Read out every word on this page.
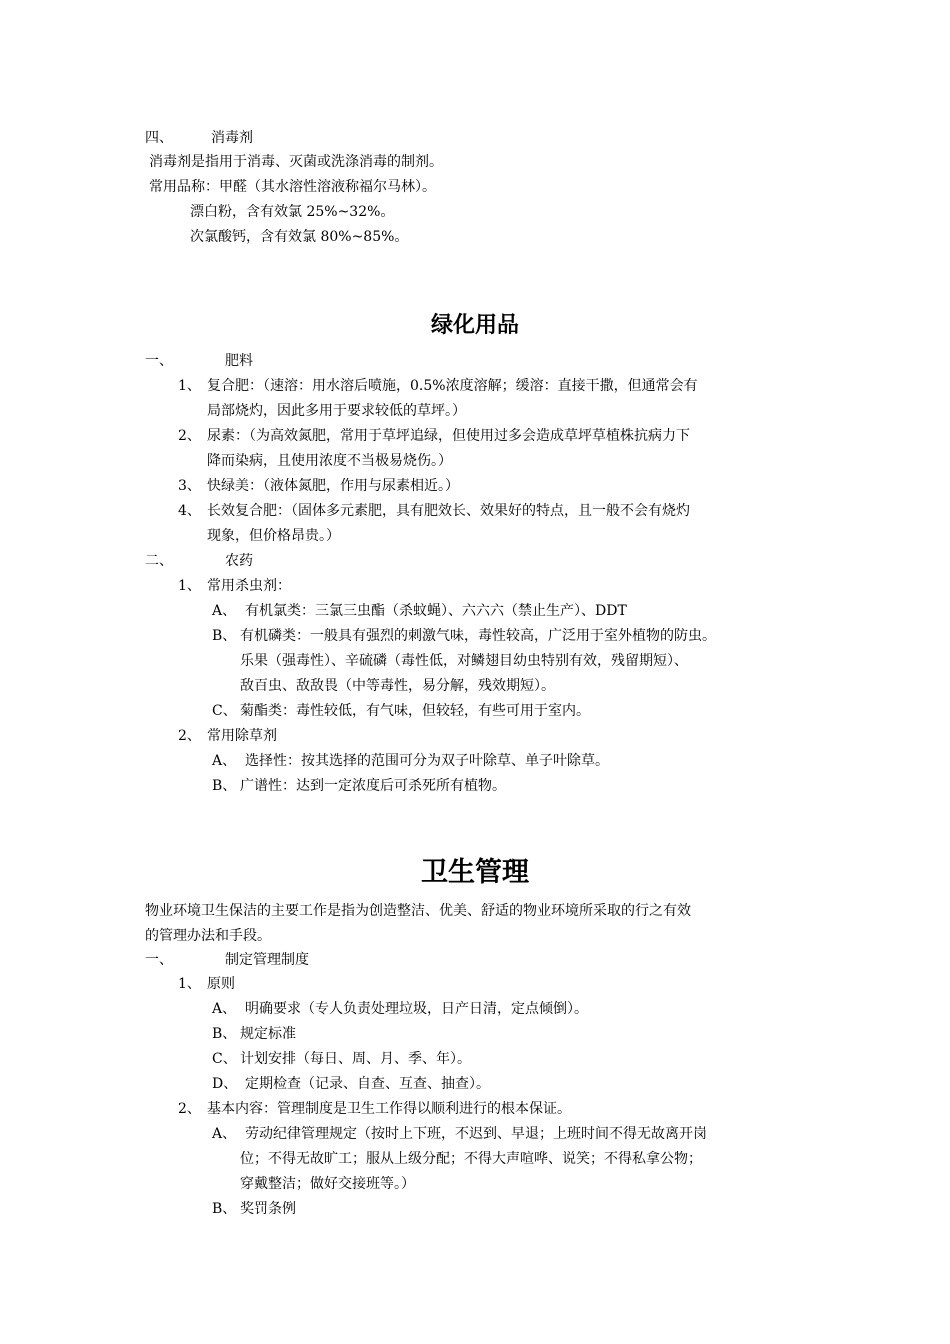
四、	消毒剂
消毒剂是指用于消毒、灭菌或洗涤消毒的制剂。
常用品称：甲醛（其水溶性溶液称福尔马林）。
漂白粉，含有效氯 25%~32%。
次氯酸钙，含有效氯 80%~85%。
绿化用品
一、	肥料
1、 复合肥：（速溶：用水溶后喷施，0.5%浓度溶解；缓溶：直接干撒，但通常会有
局部烧灼，因此多用于要求较低的草坪。）
2、 尿素：（为高效氮肥，常用于草坪追绿，但使用过多会造成草坪草植株抗病力下
降而染病，且使用浓度不当极易烧伤。）
3、 快绿美：（液体氮肥，作用与尿素相近。）
4、 长效复合肥：（固体多元素肥，具有肥效长、效果好的特点，且一般不会有烧灼
现象，但价格昂贵。）
二、	农药
1、 常用杀虫剂：
A、 有机氯类：三氯三虫酯（杀蚊蝇）、六六六（禁止生产）、DDT
B、 有机磷类：一般具有强烈的刺激气味，毒性较高，广泛用于室外植物的防虫。
乐果（强毒性）、辛硫磷（毒性低，对鳞翅目幼虫特别有效，残留期短）、
敌百虫、敌敌畏（中等毒性，易分解，残效期短）。
C、 菊酯类：毒性较低，有气味，但较轻，有些可用于室内。
2、 常用除草剂
A、 选择性：按其选择的范围可分为双子叶除草、单子叶除草。
B、 广谱性：达到一定浓度后可杀死所有植物。
卫生管理
物业环境卫生保洁的主要工作是指为创造整洁、优美、舒适的物业环境所采取的行之有效
的管理办法和手段。
一、	制定管理制度
1、 原则
A、 明确要求（专人负责处理垃圾，日产日清，定点倾倒）。
B、 规定标准
C、 计划安排（每日、周、月、季、年）。
D、 定期检查（记录、自查、互查、抽查）。
2、 基本内容：管理制度是卫生工作得以顺利进行的根本保证。
A、 劳动纪律管理规定（按时上下班，不迟到、早退；上班时间不得无故离开岗
位；不得无故旷工；服从上级分配；不得大声喧哗、说笑；不得私拿公物；
穿戴整洁；做好交接班等。）
B、 奖罚条例
